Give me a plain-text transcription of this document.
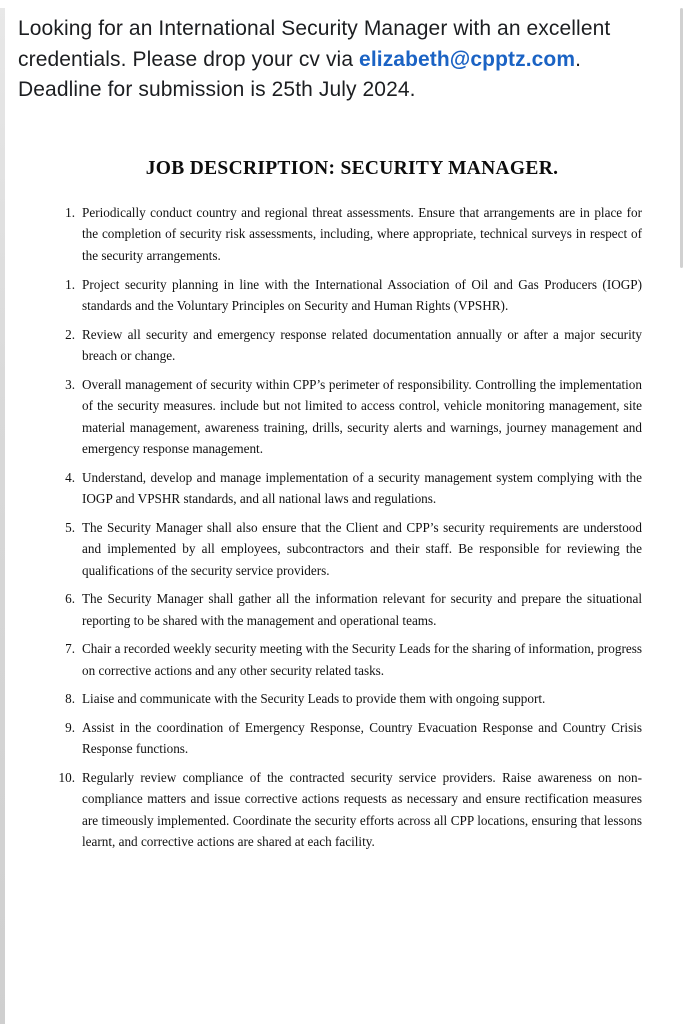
Looking for an International Security Manager with an excellent credentials. Please drop your cv via elizabeth@cpptz.com. Deadline for submission is 25th July 2024.
JOB DESCRIPTION: SECURITY MANAGER.
1. Periodically conduct country and regional threat assessments. Ensure that arrangements are in place for the completion of security risk assessments, including, where appropriate, technical surveys in respect of the security arrangements.
1. Project security planning in line with the International Association of Oil and Gas Producers (IOGP) standards and the Voluntary Principles on Security and Human Rights (VPSHR).
2. Review all security and emergency response related documentation annually or after a major security breach or change.
3. Overall management of security within CPP’s perimeter of responsibility. Controlling the implementation of the security measures. include but not limited to access control, vehicle monitoring management, site material management, awareness training, drills, security alerts and warnings, journey management and emergency response management.
4. Understand, develop and manage implementation of a security management system complying with the IOGP and VPSHR standards, and all national laws and regulations.
5. The Security Manager shall also ensure that the Client and CPP’s security requirements are understood and implemented by all employees, subcontractors and their staff. Be responsible for reviewing the qualifications of the security service providers.
6. The Security Manager shall gather all the information relevant for security and prepare the situational reporting to be shared with the management and operational teams.
7. Chair a recorded weekly security meeting with the Security Leads for the sharing of information, progress on corrective actions and any other security related tasks.
8. Liaise and communicate with the Security Leads to provide them with ongoing support.
9. Assist in the coordination of Emergency Response, Country Evacuation Response and Country Crisis Response functions.
10. Regularly review compliance of the contracted security service providers. Raise awareness on non-compliance matters and issue corrective actions requests as necessary and ensure rectification measures are timeously implemented. Coordinate the security efforts across all CPP locations, ensuring that lessons learnt, and corrective actions are shared at each facility.
